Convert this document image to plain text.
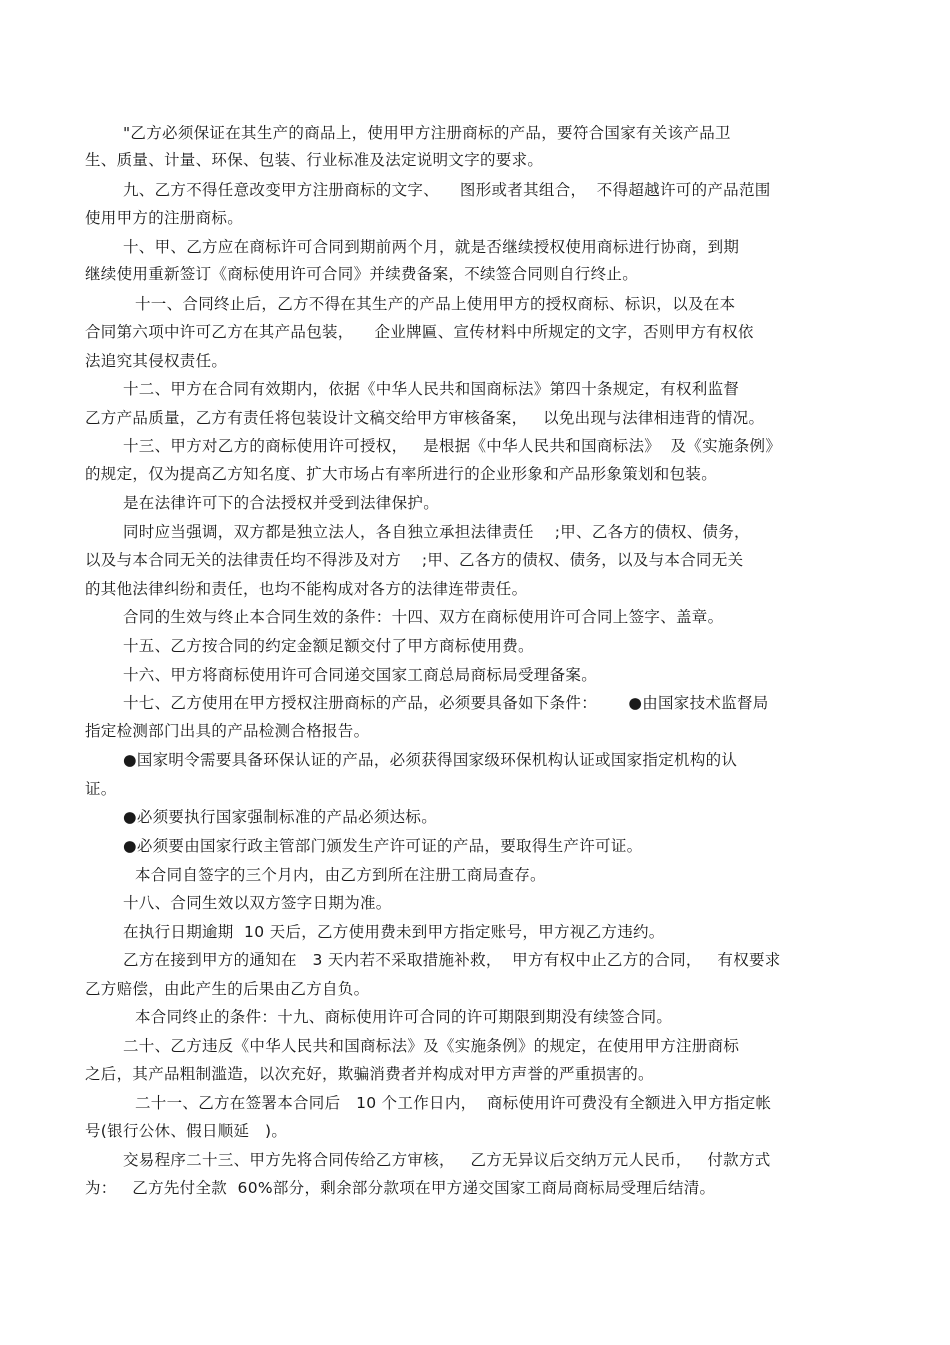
"乙方必须保证在其生产的商品上，使用甲方注册商标的产品，要符合国家有关该产品卫
生、质量、计量、环保、包装、行业标准及法定说明文字的要求。
九、乙方不得任意改变甲方注册商标的文字、    图形或者其组合，  不得超越许可的产品范围
使用甲方的注册商标。
十、甲、乙方应在商标许可合同到期前两个月，就是否继续授权使用商标进行协商，到期
继续使用重新签订《商标使用许可合同》并续费备案，不续签合同则自行终止。
十一、合同终止后，乙方不得在其生产的产品上使用甲方的授权商标、标识，以及在本
合同第六项中许可乙方在其产品包装，    企业牌匾、宣传材料中所规定的文字，否则甲方有权依
法追究其侵权责任。
十二、甲方在合同有效期内，依据《中华人民共和国商标法》第四十条规定，有权利监督
乙方产品质量，乙方有责任将包装设计文稿交给甲方审核备案，   以免出现与法律相违背的情况。
十三、甲方对乙方的商标使用许可授权，   是根据《中华人民共和国商标法》  及《实施条例》
的规定，仅为提高乙方知名度、扩大市场占有率所进行的企业形象和产品形象策划和包装。
是在法律许可下的合法授权并受到法律保护。
同时应当强调，双方都是独立法人，各自独立承担法律责任    ;甲、乙各方的债权、债务，
以及与本合同无关的法律责任均不得涉及对方    ;甲、乙各方的债权、债务，以及与本合同无关
的其他法律纠纷和责任，也均不能构成对各方的法律连带责任。
合同的生效与终止本合同生效的条件：十四、双方在商标使用许可合同上签字、盖章。
十五、乙方按合同的约定金额足额交付了甲方商标使用费。
十六、甲方将商标使用许可合同递交国家工商总局商标局受理备案。
十七、乙方使用在甲方授权注册商标的产品，必须要具备如下条件：      ●由国家技术监督局
指定检测部门出具的产品检测合格报告。
●国家明令需要具备环保认证的产品，必须获得国家级环保机构认证或国家指定机构的认
证。
●必须要执行国家强制标准的产品必须达标。
●必须要由国家行政主管部门颁发生产许可证的产品，要取得生产许可证。
本合同自签字的三个月内，由乙方到所在注册工商局查存。
十八、合同生效以双方签字日期为准。
在执行日期逾期  10 天后，乙方使用费未到甲方指定账号，甲方视乙方违约。
乙方在接到甲方的通知在   3 天内若不采取措施补救，  甲方有权中止乙方的合同，   有权要求
乙方赔偿，由此产生的后果由乙方自负。
本合同终止的条件：十九、商标使用许可合同的许可期限到期没有续签合同。
二十、乙方违反《中华人民共和国商标法》及《实施条例》的规定，在使用甲方注册商标
之后，其产品粗制滥造，以次充好，欺骗消费者并构成对甲方声誉的严重损害的。
二十一、乙方在签署本合同后   10 个工作日内，  商标使用许可费没有全额进入甲方指定帐
号(银行公休、假日顺延   )。
交易程序二十三、甲方先将合同传给乙方审核，   乙方无异议后交纳万元人民币，   付款方式
为：   乙方先付全款  60%部分，剩余部分款项在甲方递交国家工商局商标局受理后结清。
